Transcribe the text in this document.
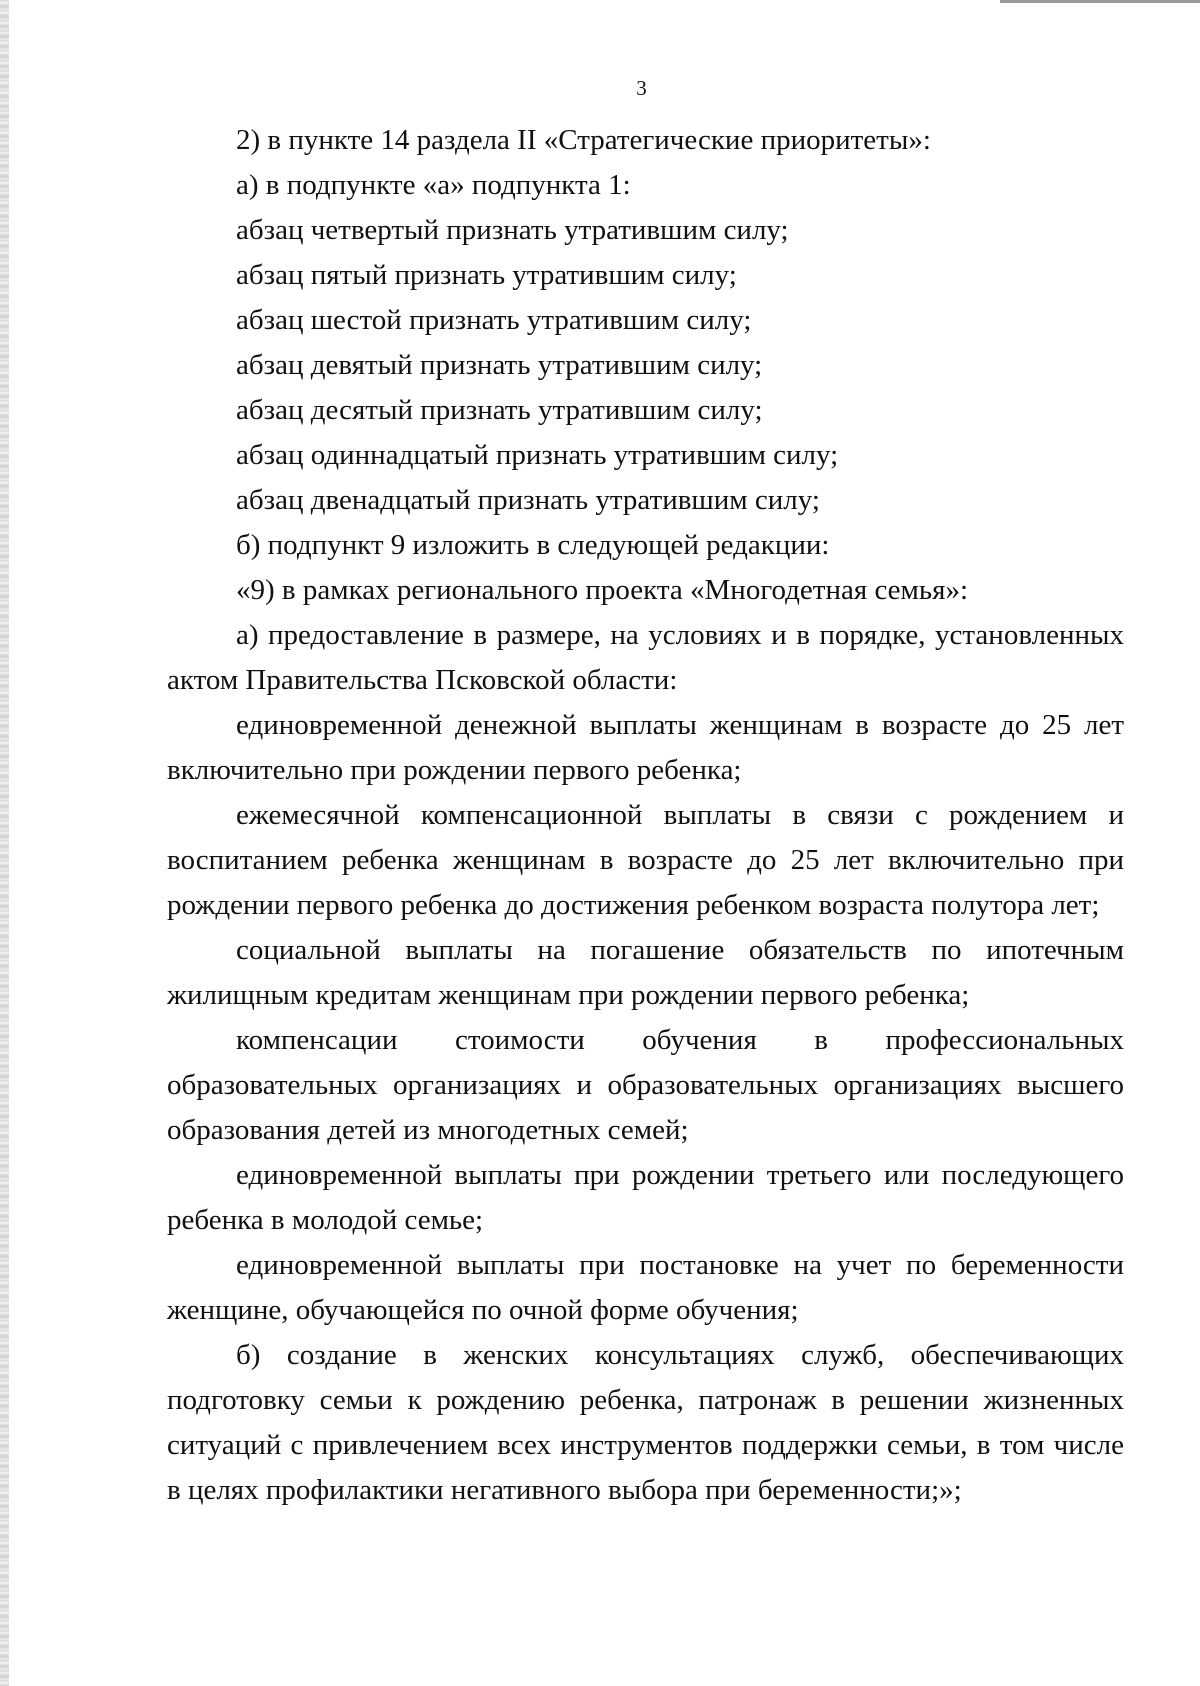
3

2) в пункте 14 раздела II «Стратегические приоритеты»:

а) в подпункте «а» подпункта 1:

абзац четвертый признать утратившим силу;

абзац пятый признать утратившим силу;

абзац шестой признать утратившим силу;

абзац девятый признать утратившим силу;

абзац десятый признать утратившим силу;

абзац одиннадцатый признать утратившим силу;

абзац двенадцатый признать утратившим силу;

б) подпункт 9 изложить в следующей редакции:

«9) в рамках регионального проекта «Многодетная семья»:

а) предоставление в размере, на условиях и в порядке, установленных актом Правительства Псковской области:

единовременной денежной выплаты женщинам в возрасте до 25 лет включительно при рождении первого ребенка;

ежемесячной компенсационной выплаты в связи с рождением и воспитанием ребенка женщинам в возрасте до 25 лет включительно при рождении первого ребенка до достижения ребенком возраста полутора лет;

социальной выплаты на погашение обязательств по ипотечным жилищным кредитам женщинам при рождении первого ребенка;

компенсации стоимости обучения в профессиональных образовательных организациях и образовательных организациях высшего образования детей из многодетных семей;

единовременной выплаты при рождении третьего или последующего ребенка в молодой семье;

единовременной выплаты при постановке на учет по беременности женщине, обучающейся по очной форме обучения;

б) создание в женских консультациях служб, обеспечивающих подготовку семьи к рождению ребенка, патронаж в решении жизненных ситуаций с привлечением всех инструментов поддержки семьи, в том числе в целях профилактики негативного выбора при беременности;»;
